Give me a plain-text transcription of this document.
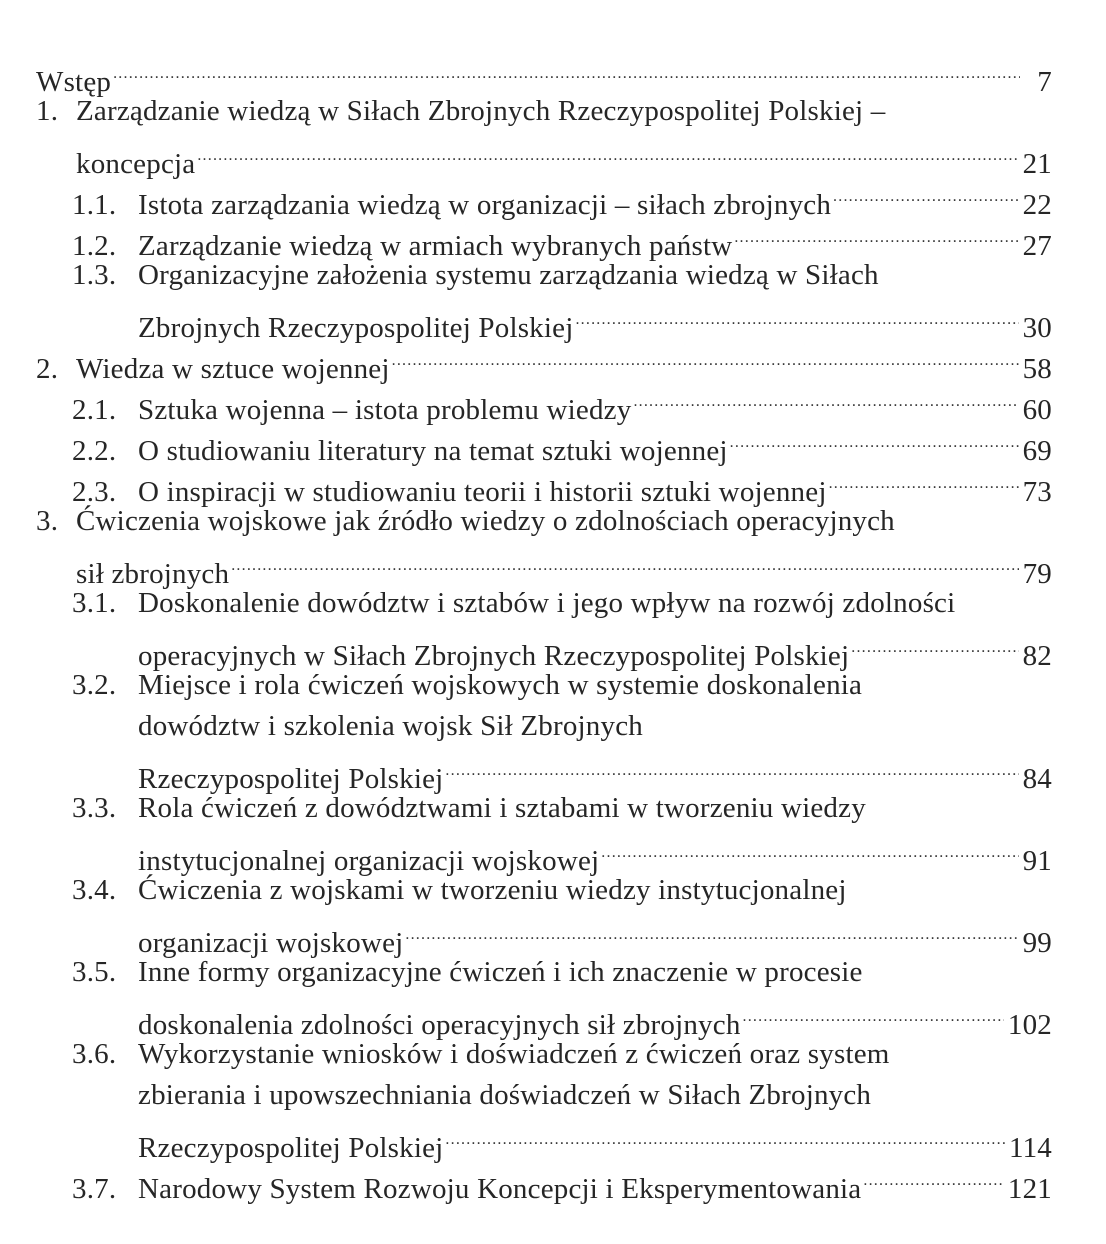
Wstęp .....	7
1. Zarządzanie wiedzą w Siłach Zbrojnych Rzeczypospolitej Polskiej –
koncepcja .....	21
1.1. Istota zarządzania wiedzą w organizacji – siłach zbrojnych .....	22
1.2. Zarządzanie wiedzą w armiach wybranych państw .....	27
1.3. Organizacyjne założenia systemu zarządzania wiedzą w Siłach
Zbrojnych Rzeczypospolitej Polskiej .....	30
2. Wiedza w sztuce wojennej .....	58
2.1. Sztuka wojenna – istota problemu wiedzy .....	60
2.2. O studiowaniu literatury na temat sztuki wojennej .....	69
2.3. O inspiracji w studiowaniu teorii i historii sztuki wojennej .....	73
3. Ćwiczenia wojskowe jak źródło wiedzy o zdolnościach operacyjnych
sił zbrojnych .....	79
3.1. Doskonalenie dowództw i sztabów i jego wpływ na rozwój zdolności
operacyjnych w Siłach Zbrojnych Rzeczypospolitej Polskiej .....	82
3.2. Miejsce i rola ćwiczeń wojskowych w systemie doskonalenia
dowództw i szkolenia wojsk Sił Zbrojnych
Rzeczypospolitej Polskiej .....	84
3.3. Rola ćwiczeń z dowództwami i sztabami w tworzeniu wiedzy
instytucjonalnej organizacji wojskowej .....	91
3.4. Ćwiczenia z wojskami w tworzeniu wiedzy instytucjonalnej
organizacji wojskowej .....	99
3.5. Inne formy organizacyjne ćwiczeń i ich znaczenie w procesie
doskonalenia zdolności operacyjnych sił zbrojnych .....	102
3.6. Wykorzystanie wniosków i doświadczeń z ćwiczeń oraz system
zbierania i upowszechniania doświadczeń w Siłach Zbrojnych
Rzeczypospolitej Polskiej .....	114
3.7. Narodowy System Rozwoju Koncepcji i Eksperymentowania .....	121
